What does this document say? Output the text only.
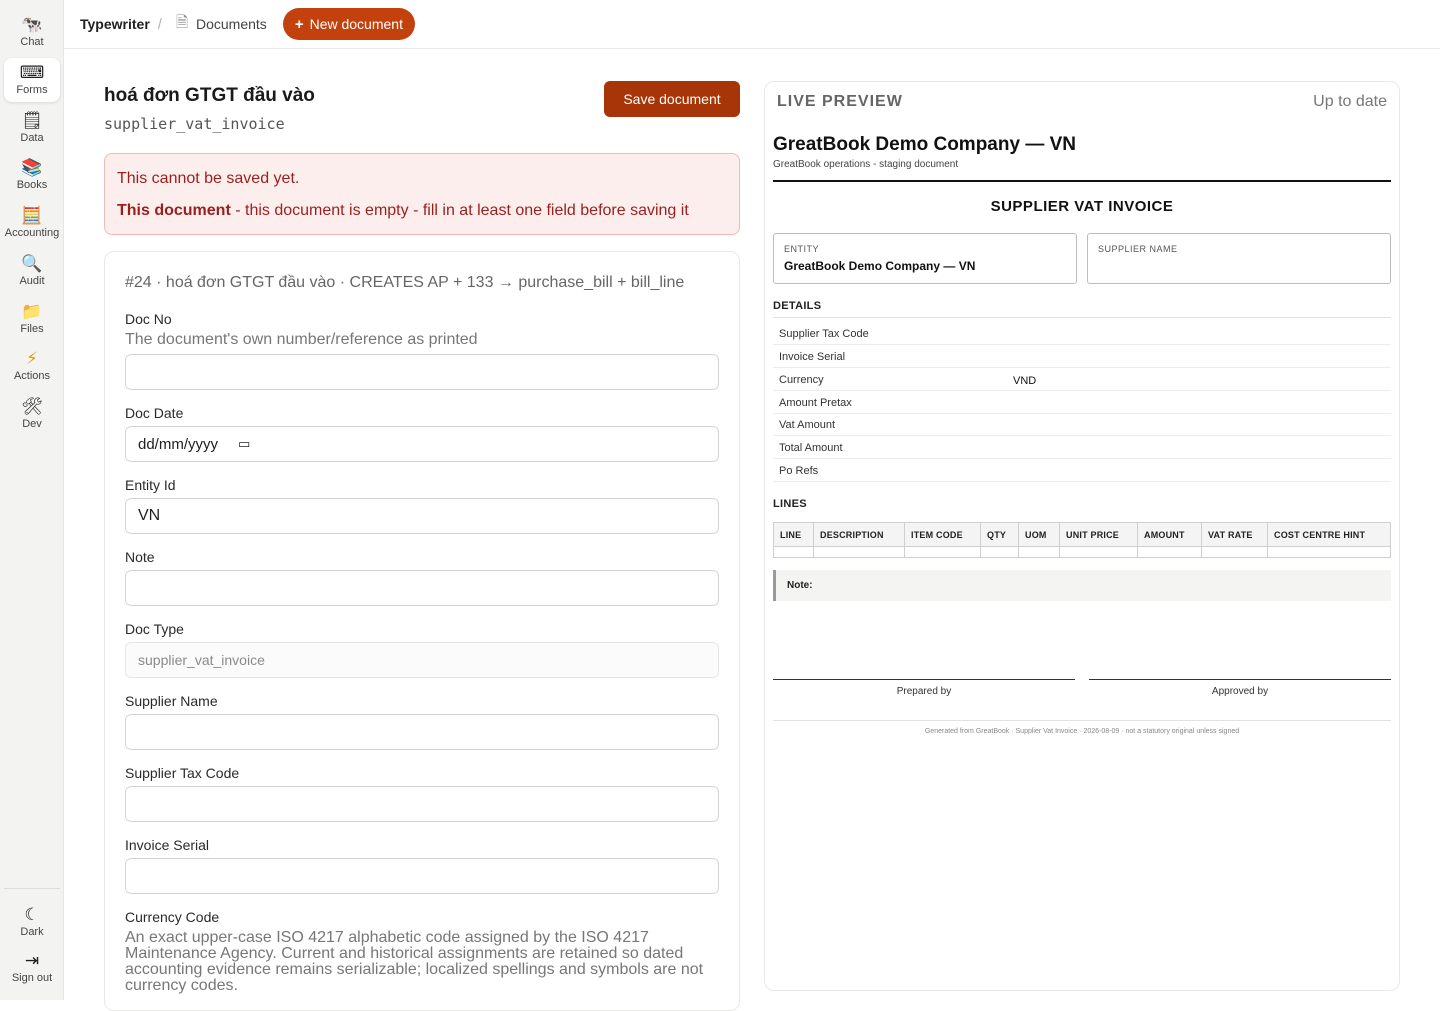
🐄
Chat
⌨
Forms
🗒
Data
📚
Books
🧮
Accounting
🔍
Audit
📁
Files
⚡
Actions
🛠
Dev
☾
Dark
⇥
Sign out
Typewriter / 🗎 Documents + New document
hoá đơn GTGT đầu vào
supplier_vat_invoice
Save document
This cannot be saved yet.
This document - this document is empty - fill in at least one field before saving it
#24 · hoá đơn GTGT đầu vào · CREATES AP + 133 → purchase_bill + bill_line
Doc No
The document's own number/reference as printed
Doc Date
dd/mm/yyyy ▭
Entity Id
VN
Note
Doc Type
supplier_vat_invoice
Supplier Name
Supplier Tax Code
Invoice Serial
Currency Code
An exact upper-case ISO 4217 alphabetic code assigned by the ISO 4217 Maintenance Agency. Current and historical assignments are retained so dated accounting evidence remains serializable; localized spellings and symbols are not currency codes.
LIVE PREVIEW	Up to date
GreatBook Demo Company — VN
GreatBook operations - staging document
SUPPLIER VAT INVOICE
ENTITY
GreatBook Demo Company — VN
SUPPLIER NAME
DETAILS
Supplier Tax Code
Invoice Serial
Currency	VND
Amount Pretax
Vat Amount
Total Amount
Po Refs
LINES
LINE	DESCRIPTION	ITEM CODE	QTY	UOM	UNIT PRICE	AMOUNT	VAT RATE	COST CENTRE HINT

Note:
Prepared by	Approved by
Generated from GreatBook · Supplier Vat Invoice · 2026-08-09 · not a statutory original unless signed
